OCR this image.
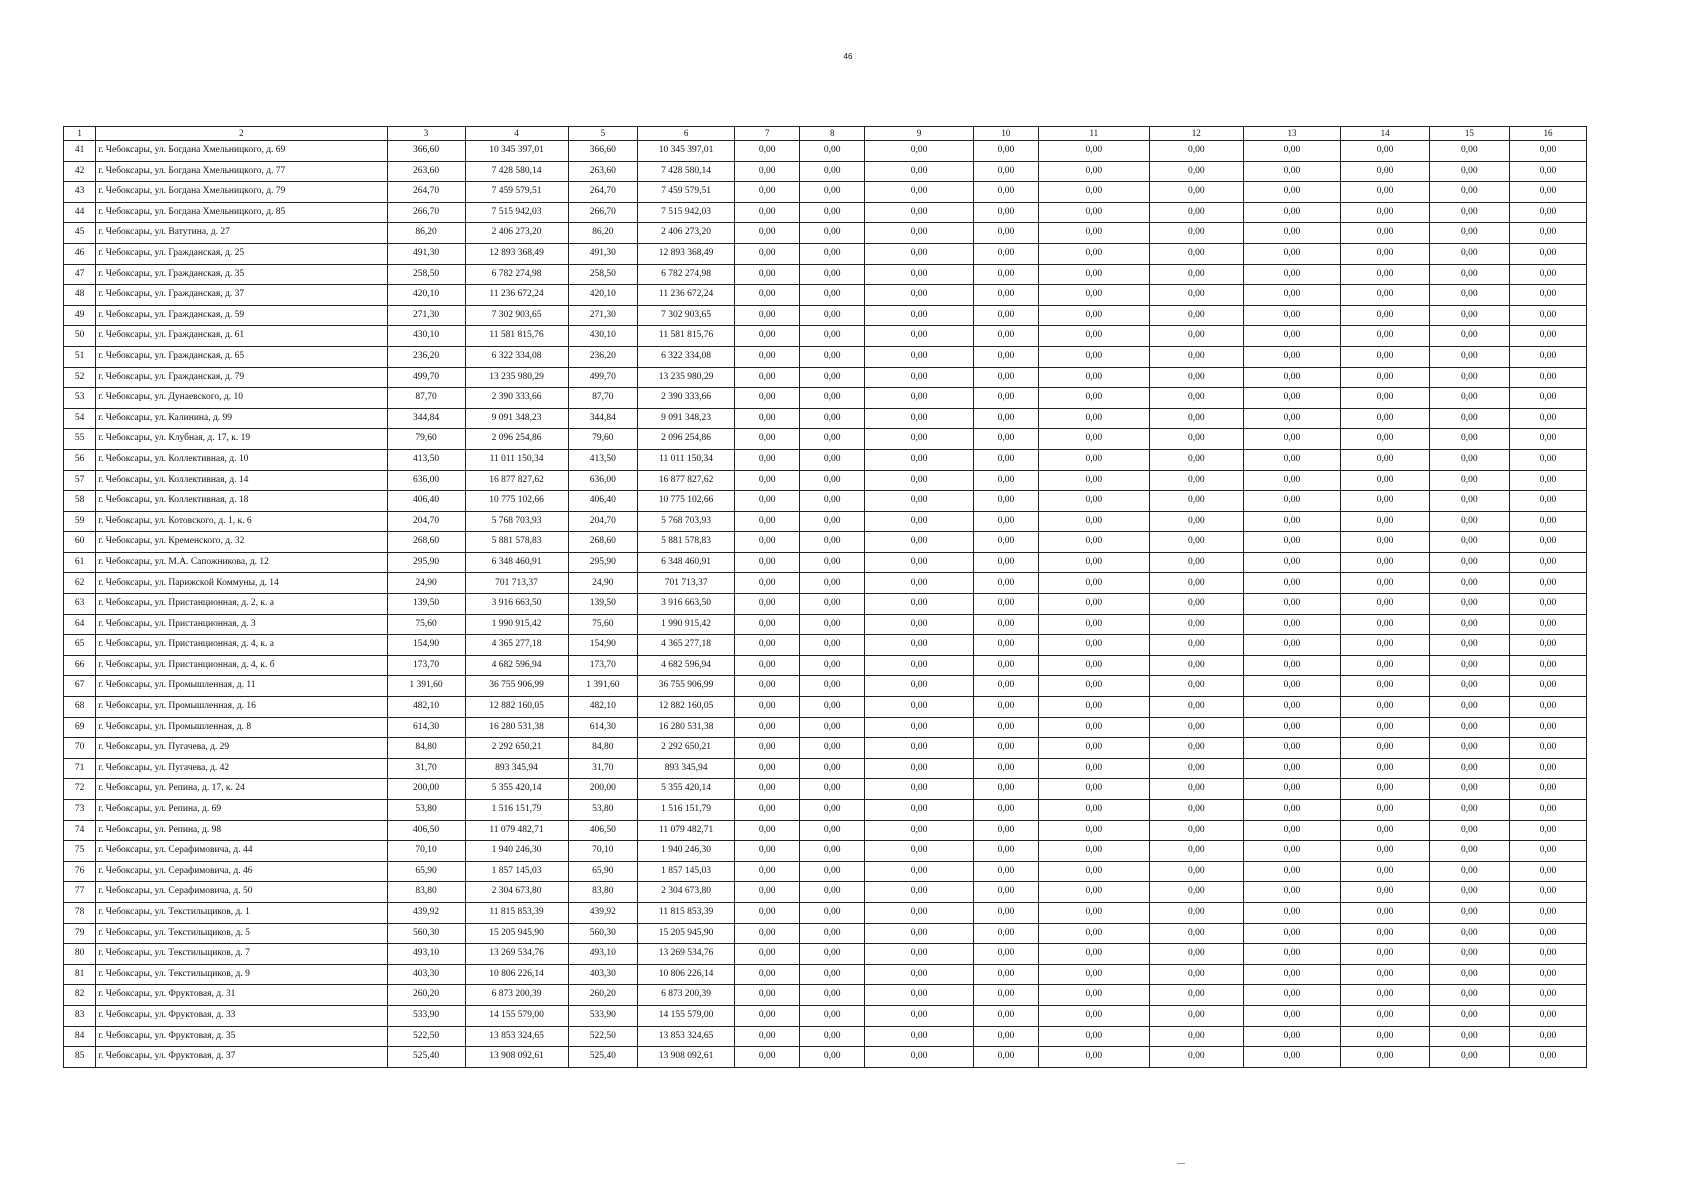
46
1	2	3	4	5	6	7	8	9	10	11	12	13	14	15	16
41	г. Чебоксары, ул. Богдана Хмельницкого, д. 69	366,60	10 345 397,01	366,60	10 345 397,01	0,00	0,00	0,00	0,00	0,00	0,00	0,00	0,00	0,00	0,00
42	г. Чебоксары, ул. Богдана Хмельницкого, д. 77	263,60	7 428 580,14	263,60	7 428 580,14	0,00	0,00	0,00	0,00	0,00	0,00	0,00	0,00	0,00	0,00
43	г. Чебоксары, ул. Богдана Хмельницкого, д. 79	264,70	7 459 579,51	264,70	7 459 579,51	0,00	0,00	0,00	0,00	0,00	0,00	0,00	0,00	0,00	0,00
44	г. Чебоксары, ул. Богдана Хмельницкого, д. 85	266,70	7 515 942,03	266,70	7 515 942,03	0,00	0,00	0,00	0,00	0,00	0,00	0,00	0,00	0,00	0,00
45	г. Чебоксары, ул. Ватутина, д. 27	86,20	2 406 273,20	86,20	2 406 273,20	0,00	0,00	0,00	0,00	0,00	0,00	0,00	0,00	0,00	0,00
46	г. Чебоксары, ул. Гражданская, д. 25	491,30	12 893 368,49	491,30	12 893 368,49	0,00	0,00	0,00	0,00	0,00	0,00	0,00	0,00	0,00	0,00
47	г. Чебоксары, ул. Гражданская, д. 35	258,50	6 782 274,98	258,50	6 782 274,98	0,00	0,00	0,00	0,00	0,00	0,00	0,00	0,00	0,00	0,00
48	г. Чебоксары, ул. Гражданская, д. 37	420,10	11 236 672,24	420,10	11 236 672,24	0,00	0,00	0,00	0,00	0,00	0,00	0,00	0,00	0,00	0,00
49	г. Чебоксары, ул. Гражданская, д. 59	271,30	7 302 903,65	271,30	7 302 903,65	0,00	0,00	0,00	0,00	0,00	0,00	0,00	0,00	0,00	0,00
50	г. Чебоксары, ул. Гражданская, д. 61	430,10	11 581 815,76	430,10	11 581 815,76	0,00	0,00	0,00	0,00	0,00	0,00	0,00	0,00	0,00	0,00
51	г. Чебоксары, ул. Гражданская, д. 65	236,20	6 322 334,08	236,20	6 322 334,08	0,00	0,00	0,00	0,00	0,00	0,00	0,00	0,00	0,00	0,00
52	г. Чебоксары, ул. Гражданская, д. 79	499,70	13 235 980,29	499,70	13 235 980,29	0,00	0,00	0,00	0,00	0,00	0,00	0,00	0,00	0,00	0,00
53	г. Чебоксары, ул. Дунаевского, д. 10	87,70	2 390 333,66	87,70	2 390 333,66	0,00	0,00	0,00	0,00	0,00	0,00	0,00	0,00	0,00	0,00
54	г. Чебоксары, ул. Калинина, д. 99	344,84	9 091 348,23	344,84	9 091 348,23	0,00	0,00	0,00	0,00	0,00	0,00	0,00	0,00	0,00	0,00
55	г. Чебоксары, ул. Клубная, д. 17, к. 19	79,60	2 096 254,86	79,60	2 096 254,86	0,00	0,00	0,00	0,00	0,00	0,00	0,00	0,00	0,00	0,00
56	г. Чебоксары, ул. Коллективная, д. 10	413,50	11 011 150,34	413,50	11 011 150,34	0,00	0,00	0,00	0,00	0,00	0,00	0,00	0,00	0,00	0,00
57	г. Чебоксары, ул. Коллективная, д. 14	636,00	16 877 827,62	636,00	16 877 827,62	0,00	0,00	0,00	0,00	0,00	0,00	0,00	0,00	0,00	0,00
58	г. Чебоксары, ул. Коллективная, д. 18	406,40	10 775 102,66	406,40	10 775 102,66	0,00	0,00	0,00	0,00	0,00	0,00	0,00	0,00	0,00	0,00
59	г. Чебоксары, ул. Котовского, д. 1, к. 6	204,70	5 768 703,93	204,70	5 768 703,93	0,00	0,00	0,00	0,00	0,00	0,00	0,00	0,00	0,00	0,00
60	г. Чебоксары, ул. Кременского, д. 32	268,60	5 881 578,83	268,60	5 881 578,83	0,00	0,00	0,00	0,00	0,00	0,00	0,00	0,00	0,00	0,00
61	г. Чебоксары, ул. М.А. Сапожникова, д. 12	295,90	6 348 460,91	295,90	6 348 460,91	0,00	0,00	0,00	0,00	0,00	0,00	0,00	0,00	0,00	0,00
62	г. Чебоксары, ул. Парижской Коммуны, д. 14	24,90	701 713,37	24,90	701 713,37	0,00	0,00	0,00	0,00	0,00	0,00	0,00	0,00	0,00	0,00
63	г. Чебоксары, ул. Пристанционная, д. 2, к. а	139,50	3 916 663,50	139,50	3 916 663,50	0,00	0,00	0,00	0,00	0,00	0,00	0,00	0,00	0,00	0,00
64	г. Чебоксары, ул. Пристанционная, д. 3	75,60	1 990 915,42	75,60	1 990 915,42	0,00	0,00	0,00	0,00	0,00	0,00	0,00	0,00	0,00	0,00
65	г. Чебоксары, ул. Пристанционная, д. 4, к. а	154,90	4 365 277,18	154,90	4 365 277,18	0,00	0,00	0,00	0,00	0,00	0,00	0,00	0,00	0,00	0,00
66	г. Чебоксары, ул. Пристанционная, д. 4, к. б	173,70	4 682 596,94	173,70	4 682 596,94	0,00	0,00	0,00	0,00	0,00	0,00	0,00	0,00	0,00	0,00
67	г. Чебоксары, ул. Промышленная, д. 11	1 391,60	36 755 906,99	1 391,60	36 755 906,99	0,00	0,00	0,00	0,00	0,00	0,00	0,00	0,00	0,00	0,00
68	г. Чебоксары, ул. Промышленная, д. 16	482,10	12 882 160,05	482,10	12 882 160,05	0,00	0,00	0,00	0,00	0,00	0,00	0,00	0,00	0,00	0,00
69	г. Чебоксары, ул. Промышленная, д. 8	614,30	16 280 531,38	614,30	16 280 531,38	0,00	0,00	0,00	0,00	0,00	0,00	0,00	0,00	0,00	0,00
70	г. Чебоксары, ул. Пугачева, д. 29	84,80	2 292 650,21	84,80	2 292 650,21	0,00	0,00	0,00	0,00	0,00	0,00	0,00	0,00	0,00	0,00
71	г. Чебоксары, ул. Пугачева, д. 42	31,70	893 345,94	31,70	893 345,94	0,00	0,00	0,00	0,00	0,00	0,00	0,00	0,00	0,00	0,00
72	г. Чебоксары, ул. Репина, д. 17, к. 24	200,00	5 355 420,14	200,00	5 355 420,14	0,00	0,00	0,00	0,00	0,00	0,00	0,00	0,00	0,00	0,00
73	г. Чебоксары, ул. Репина, д. 69	53,80	1 516 151,79	53,80	1 516 151,79	0,00	0,00	0,00	0,00	0,00	0,00	0,00	0,00	0,00	0,00
74	г. Чебоксары, ул. Репина, д. 98	406,50	11 079 482,71	406,50	11 079 482,71	0,00	0,00	0,00	0,00	0,00	0,00	0,00	0,00	0,00	0,00
75	г. Чебоксары, ул. Серафимовича, д. 44	70,10	1 940 246,30	70,10	1 940 246,30	0,00	0,00	0,00	0,00	0,00	0,00	0,00	0,00	0,00	0,00
76	г. Чебоксары, ул. Серафимовича, д. 46	65,90	1 857 145,03	65,90	1 857 145,03	0,00	0,00	0,00	0,00	0,00	0,00	0,00	0,00	0,00	0,00
77	г. Чебоксары, ул. Серафимовича, д. 50	83,80	2 304 673,80	83,80	2 304 673,80	0,00	0,00	0,00	0,00	0,00	0,00	0,00	0,00	0,00	0,00
78	г. Чебоксары, ул. Текстильщиков, д. 1	439,92	11 815 853,39	439,92	11 815 853,39	0,00	0,00	0,00	0,00	0,00	0,00	0,00	0,00	0,00	0,00
79	г. Чебоксары, ул. Текстильщиков, д. 5	560,30	15 205 945,90	560,30	15 205 945,90	0,00	0,00	0,00	0,00	0,00	0,00	0,00	0,00	0,00	0,00
80	г. Чебоксары, ул. Текстильщиков, д. 7	493,10	13 269 534,76	493,10	13 269 534,76	0,00	0,00	0,00	0,00	0,00	0,00	0,00	0,00	0,00	0,00
81	г. Чебоксары, ул. Текстильщиков, д. 9	403,30	10 806 226,14	403,30	10 806 226,14	0,00	0,00	0,00	0,00	0,00	0,00	0,00	0,00	0,00	0,00
82	г. Чебоксары, ул. Фруктовая, д. 31	260,20	6 873 200,39	260,20	6 873 200,39	0,00	0,00	0,00	0,00	0,00	0,00	0,00	0,00	0,00	0,00
83	г. Чебоксары, ул. Фруктовая, д. 33	533,90	14 155 579,00	533,90	14 155 579,00	0,00	0,00	0,00	0,00	0,00	0,00	0,00	0,00	0,00	0,00
84	г. Чебоксары, ул. Фруктовая, д. 35	522,50	13 853 324,65	522,50	13 853 324,65	0,00	0,00	0,00	0,00	0,00	0,00	0,00	0,00	0,00	0,00
85	г. Чебоксары, ул. Фруктовая, д. 37	525,40	13 908 092,61	525,40	13 908 092,61	0,00	0,00	0,00	0,00	0,00	0,00	0,00	0,00	0,00	0,00
